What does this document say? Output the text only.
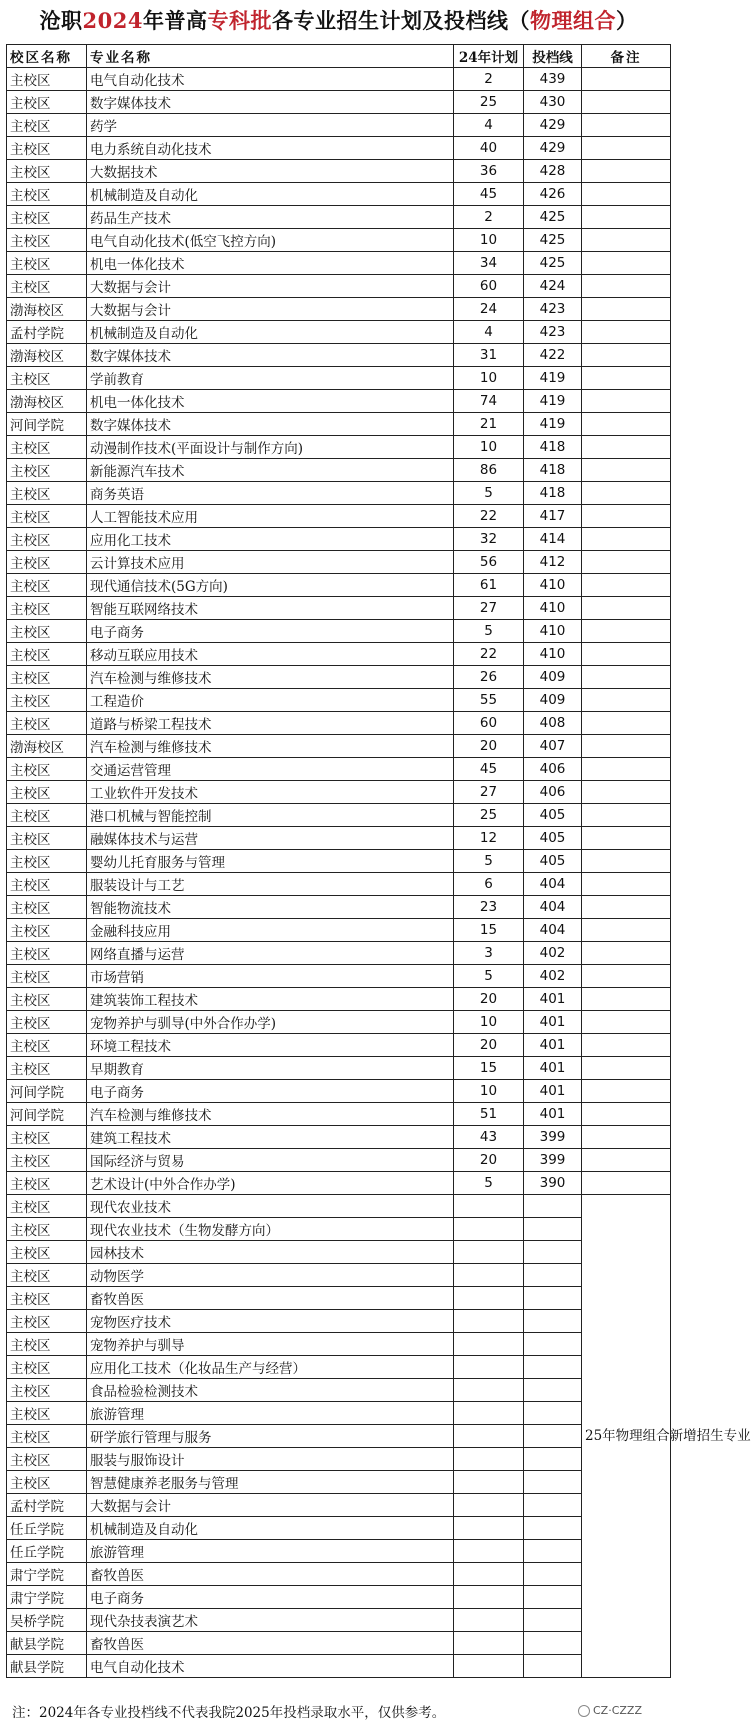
沧职2024年普高专科批各专业招生计划及投档线（物理组合）
校区名称	专业名称	24年计划	投档线	备注
主校区	电气自动化技术	2	439	
主校区	数字媒体技术	25	430	
主校区	药学	4	429	
主校区	电力系统自动化技术	40	429	
主校区	大数据技术	36	428	
主校区	机械制造及自动化	45	426	
主校区	药品生产技术	2	425	
主校区	电气自动化技术(低空飞控方向)	10	425	
主校区	机电一体化技术	34	425	
主校区	大数据与会计	60	424	
渤海校区	大数据与会计	24	423	
孟村学院	机械制造及自动化	4	423	
渤海校区	数字媒体技术	31	422	
主校区	学前教育	10	419	
渤海校区	机电一体化技术	74	419	
河间学院	数字媒体技术	21	419	
主校区	动漫制作技术(平面设计与制作方向)	10	418	
主校区	新能源汽车技术	86	418	
主校区	商务英语	5	418	
主校区	人工智能技术应用	22	417	
主校区	应用化工技术	32	414	
主校区	云计算技术应用	56	412	
主校区	现代通信技术(5G方向)	61	410	
主校区	智能互联网络技术	27	410	
主校区	电子商务	5	410	
主校区	移动互联应用技术	22	410	
主校区	汽车检测与维修技术	26	409	
主校区	工程造价	55	409	
主校区	道路与桥梁工程技术	60	408	
渤海校区	汽车检测与维修技术	20	407	
主校区	交通运营管理	45	406	
主校区	工业软件开发技术	27	406	
主校区	港口机械与智能控制	25	405	
主校区	融媒体技术与运营	12	405	
主校区	婴幼儿托育服务与管理	5	405	
主校区	服装设计与工艺	6	404	
主校区	智能物流技术	23	404	
主校区	金融科技应用	15	404	
主校区	网络直播与运营	3	402	
主校区	市场营销	5	402	
主校区	建筑装饰工程技术	20	401	
主校区	宠物养护与驯导(中外合作办学)	10	401	
主校区	环境工程技术	20	401	
主校区	早期教育	15	401	
河间学院	电子商务	10	401	
河间学院	汽车检测与维修技术	51	401	
主校区	建筑工程技术	43	399	
主校区	国际经济与贸易	20	399	
主校区	艺术设计(中外合作办学)	5	390	
主校区	现代农业技术			25年物理组合新增招生专业
主校区	现代农业技术（生物发酵方向）			
主校区	园林技术			
主校区	动物医学			
主校区	畜牧兽医			
主校区	宠物医疗技术			
主校区	宠物养护与驯导			
主校区	应用化工技术（化妆品生产与经营）			
主校区	食品检验检测技术			
主校区	旅游管理			
主校区	研学旅行管理与服务			
主校区	服装与服饰设计			
主校区	智慧健康养老服务与管理			
孟村学院	大数据与会计			
任丘学院	机械制造及自动化			
任丘学院	旅游管理			
肃宁学院	畜牧兽医			
肃宁学院	电子商务			
吴桥学院	现代杂技表演艺术			
献县学院	畜牧兽医			
献县学院	电气自动化技术			
注：2024年各专业投档线不代表我院2025年投档录取水平，仅供参考。	CZ·CZZZ
